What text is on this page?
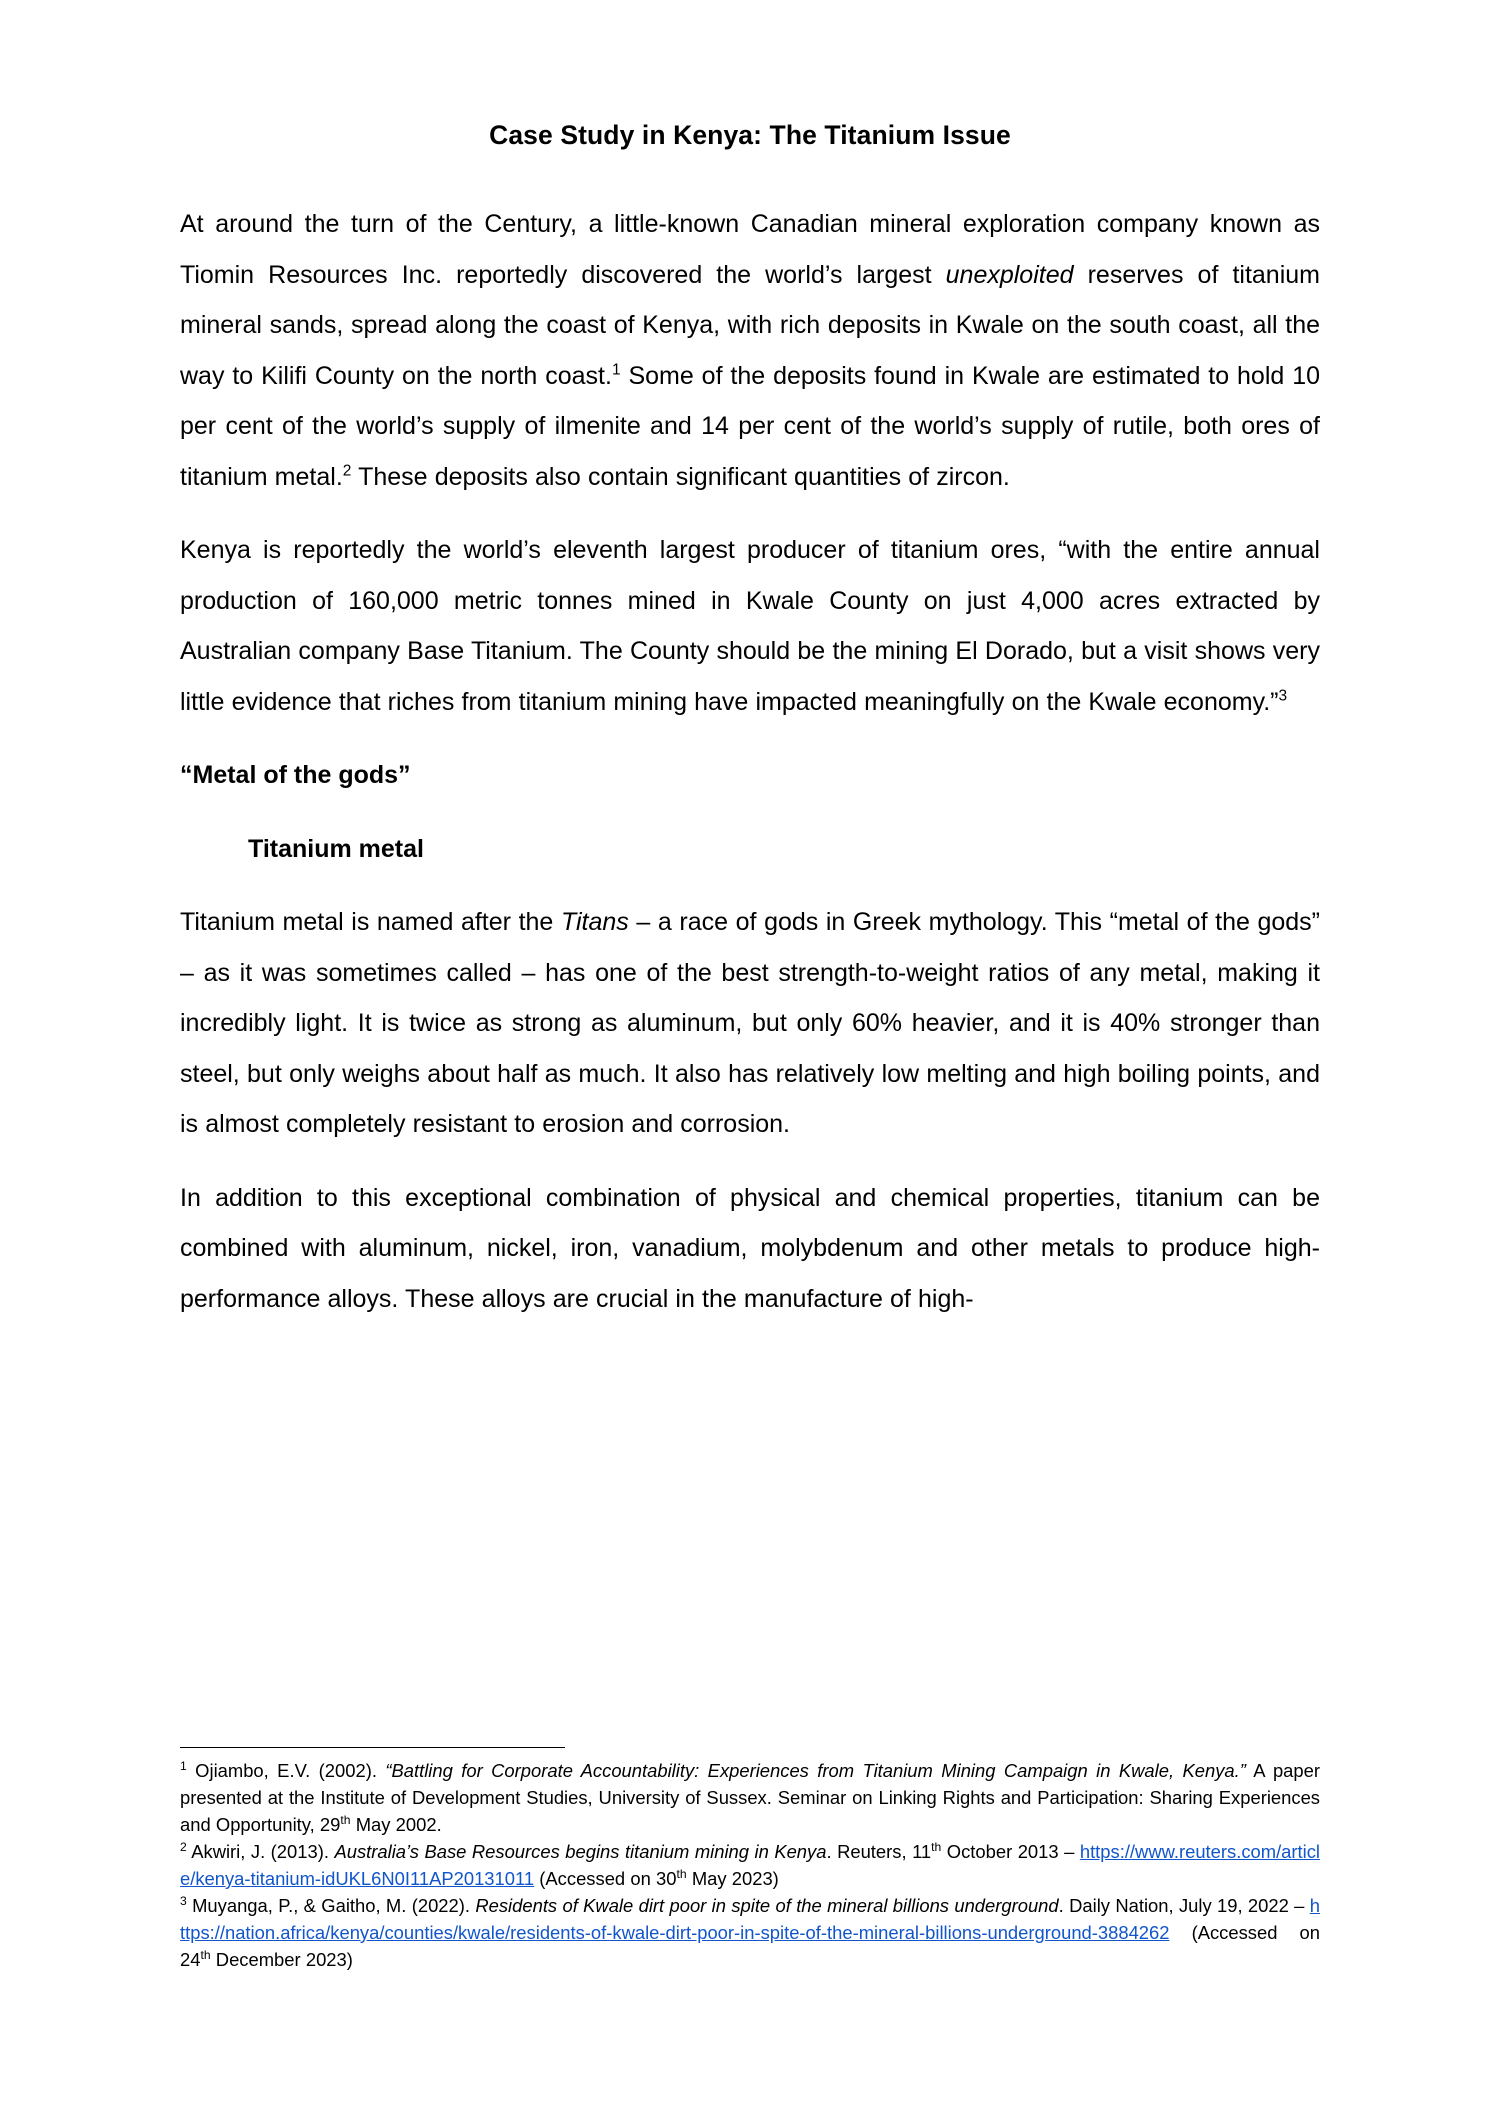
Case Study in Kenya: The Titanium Issue

At around the turn of the Century, a little-known Canadian mineral exploration company known as Tiomin Resources Inc. reportedly discovered the world’s largest unexploited reserves of titanium mineral sands, spread along the coast of Kenya, with rich deposits in Kwale on the south coast, all the way to Kilifi County on the north coast.$^1$ Some of the deposits found in Kwale are estimated to hold 10 per cent of the world’s supply of ilmenite and 14 per cent of the world’s supply of rutile, both ores of titanium metal.$^2$ These deposits also contain significant quantities of zircon.

Kenya is reportedly the world’s eleventh largest producer of titanium ores, “with the entire annual production of 160,000 metric tonnes mined in Kwale County on just 4,000 acres extracted by Australian company Base Titanium. The County should be the mining El Dorado, but a visit shows very little evidence that riches from titanium mining have impacted meaningfully on the Kwale economy.”$^3$

“Metal of the gods”
Titanium metal

Titanium metal is named after the Titans – a race of gods in Greek mythology. This “metal of the gods” – as it was sometimes called – has one of the best strength-to-weight ratios of any metal, making it incredibly light. It is twice as strong as aluminum, but only 60% heavier, and it is 40% stronger than steel, but only weighs about half as much. It also has relatively low melting and high boiling points, and is almost completely resistant to erosion and corrosion.

In addition to this exceptional combination of physical and chemical properties, titanium can be combined with aluminum, nickel, iron, vanadium, molybdenum and other metals to produce high-performance alloys. These alloys are crucial in the manufacture of high-

$^1$ Ojiambo, E.V. (2002). “Battling for Corporate Accountability: Experiences from Titanium Mining Campaign in Kwale, Kenya.” A paper presented at the Institute of Development Studies, University of Sussex. Seminar on Linking Rights and Participation: Sharing Experiences and Opportunity, 29th May 2002.

$^2$ Akwiri, J. (2013). Australia’s Base Resources begins titanium mining in Kenya. Reuters, 11th October 2013 – https://www.reuters.com/article/kenya-titanium-idUKL6N0I11AP20131011 (Accessed on 30th May 2023)

$^3$ Muyanga, P., & Gaitho, M. (2022). Residents of Kwale dirt poor in spite of the mineral billions underground. Daily Nation, July 19, 2022 – https://nation.africa/kenya/counties/kwale/residents-of-kwale-dirt-poor-in-spite-of-the-mineral-billions-underground-3884262 (Accessed on 24th December 2023)
